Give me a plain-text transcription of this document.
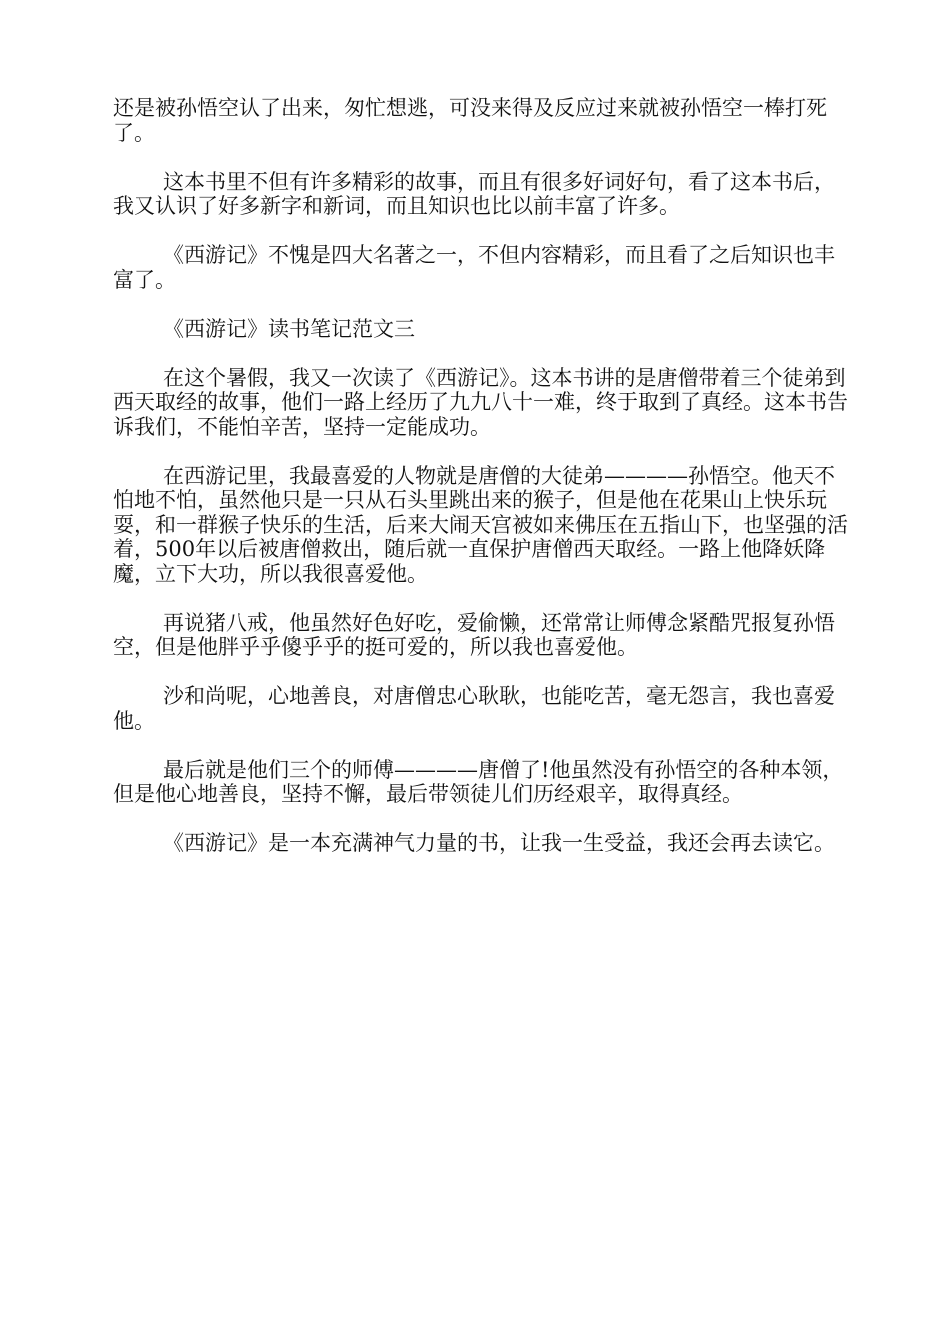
还是被孙悟空认了出来，匆忙想逃，可没来得及反应过来就被孙悟空一棒打死了。

这本书里不但有许多精彩的故事，而且有很多好词好句，看了这本书后，我又认识了好多新字和新词，而且知识也比以前丰富了许多。

《西游记》不愧是四大名著之一，不但内容精彩，而且看了之后知识也丰富了。

《西游记》读书笔记范文三

在这个暑假，我又一次读了《西游记》。这本书讲的是唐僧带着三个徒弟到西天取经的故事，他们一路上经历了九九八十一难，终于取到了真经。这本书告诉我们，不能怕辛苦，坚持一定能成功。

在西游记里，我最喜爱的人物就是唐僧的大徒弟————孙悟空。他天不怕地不怕，虽然他只是一只从石头里跳出来的猴子，但是他在花果山上快乐玩耍，和一群猴子快乐的生活，后来大闹天宫被如来佛压在五指山下，也坚强的活着，500年以后被唐僧救出，随后就一直保护唐僧西天取经。一路上他降妖降魔，立下大功，所以我很喜爱他。

再说猪八戒，他虽然好色好吃，爱偷懒，还常常让师傅念紧酷咒报复孙悟空，但是他胖乎乎傻乎乎的挺可爱的，所以我也喜爱他。

沙和尚呢，心地善良，对唐僧忠心耿耿，也能吃苦，毫无怨言，我也喜爱他。

最后就是他们三个的师傅————唐僧了!他虽然没有孙悟空的各种本领，但是他心地善良，坚持不懈，最后带领徒儿们历经艰辛，取得真经。

《西游记》是一本充满神气力量的书，让我一生受益，我还会再去读它。
